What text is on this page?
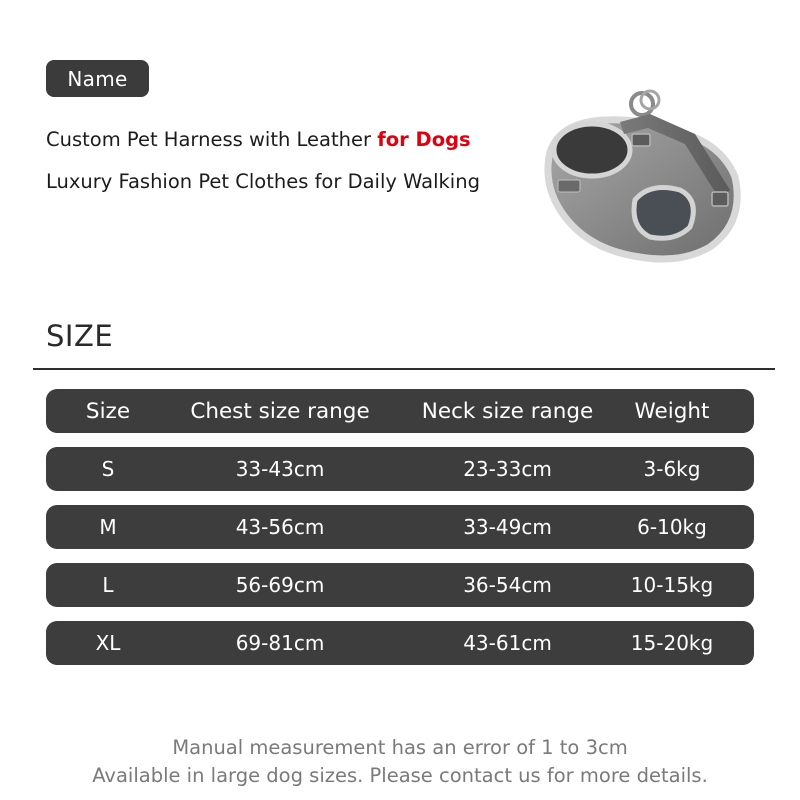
Name
Custom Pet Harness with Leather for Dogs
Luxury Fashion Pet Clothes for Daily Walking
SIZE
Size	Chest size range	Neck size range	Weight
S	33-43cm	23-33cm	3-6kg
M	43-56cm	33-49cm	6-10kg
L	56-69cm	36-54cm	10-15kg
XL	69-81cm	43-61cm	15-20kg
Manual measurement has an error of 1 to 3cm
Available in large dog sizes. Please contact us for more details.
